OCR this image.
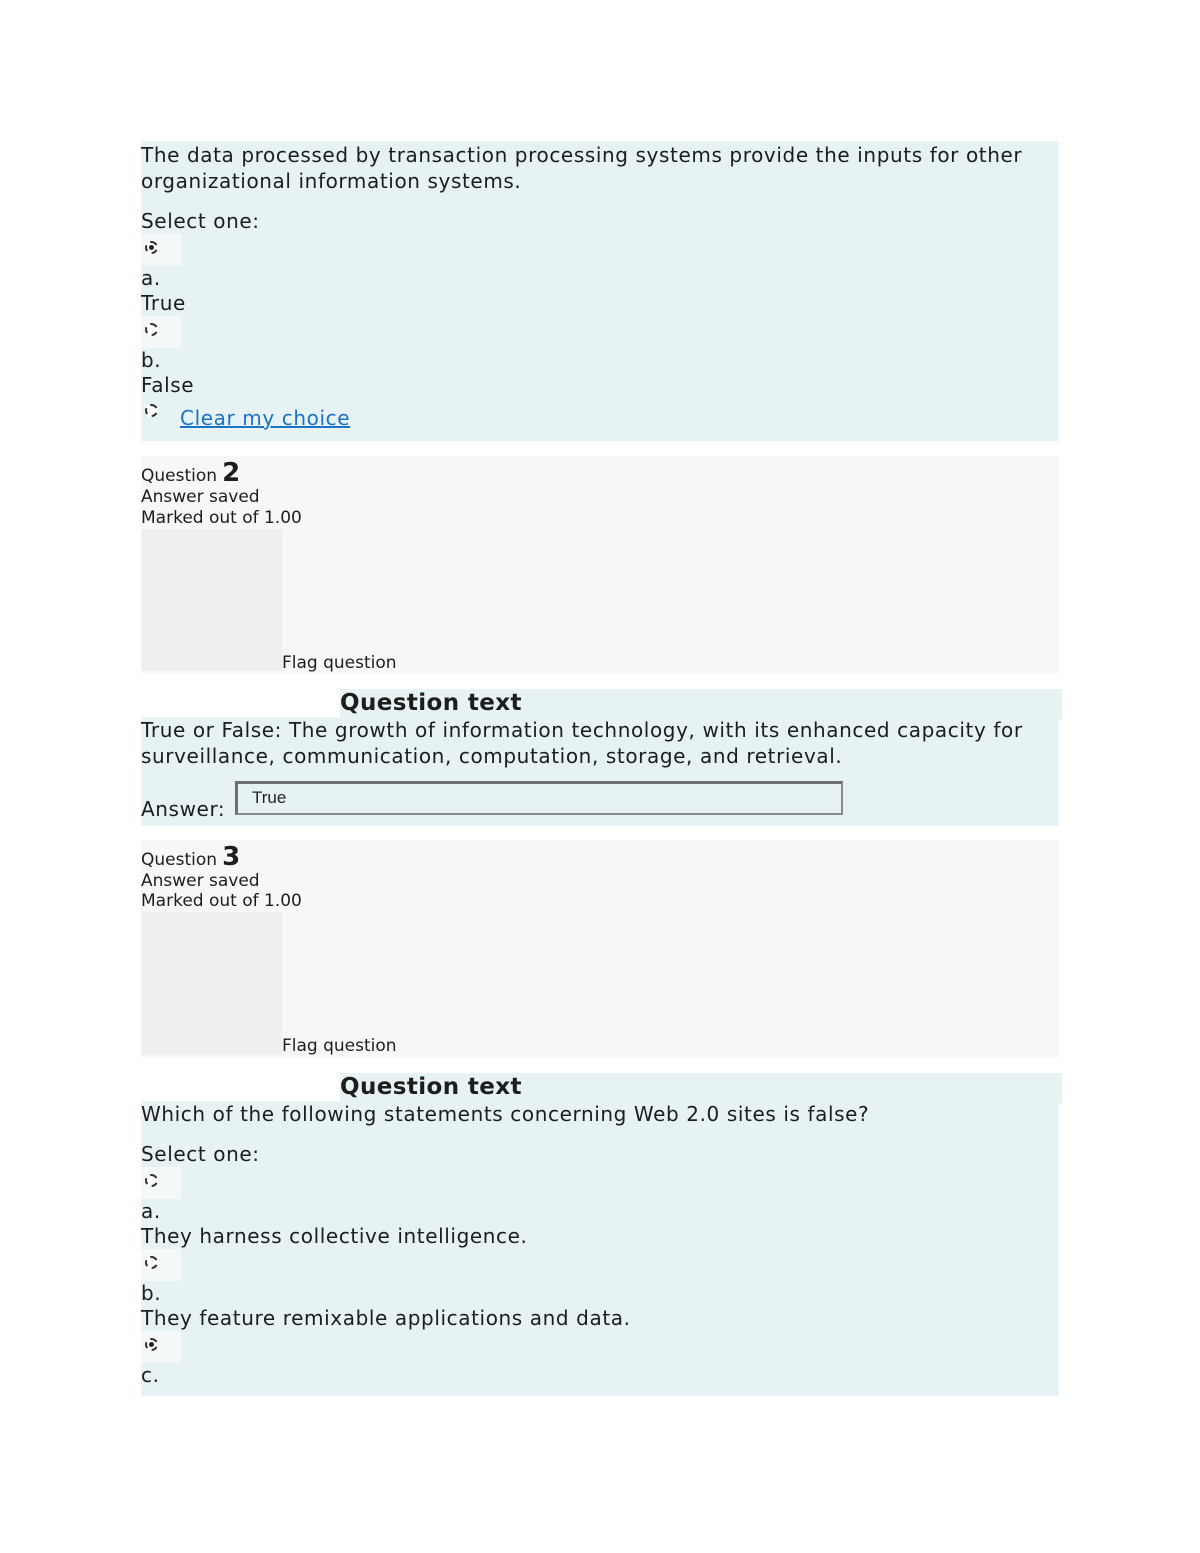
The data processed by transaction processing systems provide the inputs for other organizational information systems.

Select one:

a.
True
b.
False
Clear my choice
Question 2
Answer saved
Marked out of 1.00
Flag question
Question text

True or False: The growth of information technology, with its enhanced capacity for surveillance, communication, computation, storage, and retrieval.

Answer:	True
Question 3
Answer saved
Marked out of 1.00
Flag question
Question text

Which of the following statements concerning Web 2.0 sites is false?

Select one:

a.
They harness collective intelligence.
b.
They feature remixable applications and data.
c.
